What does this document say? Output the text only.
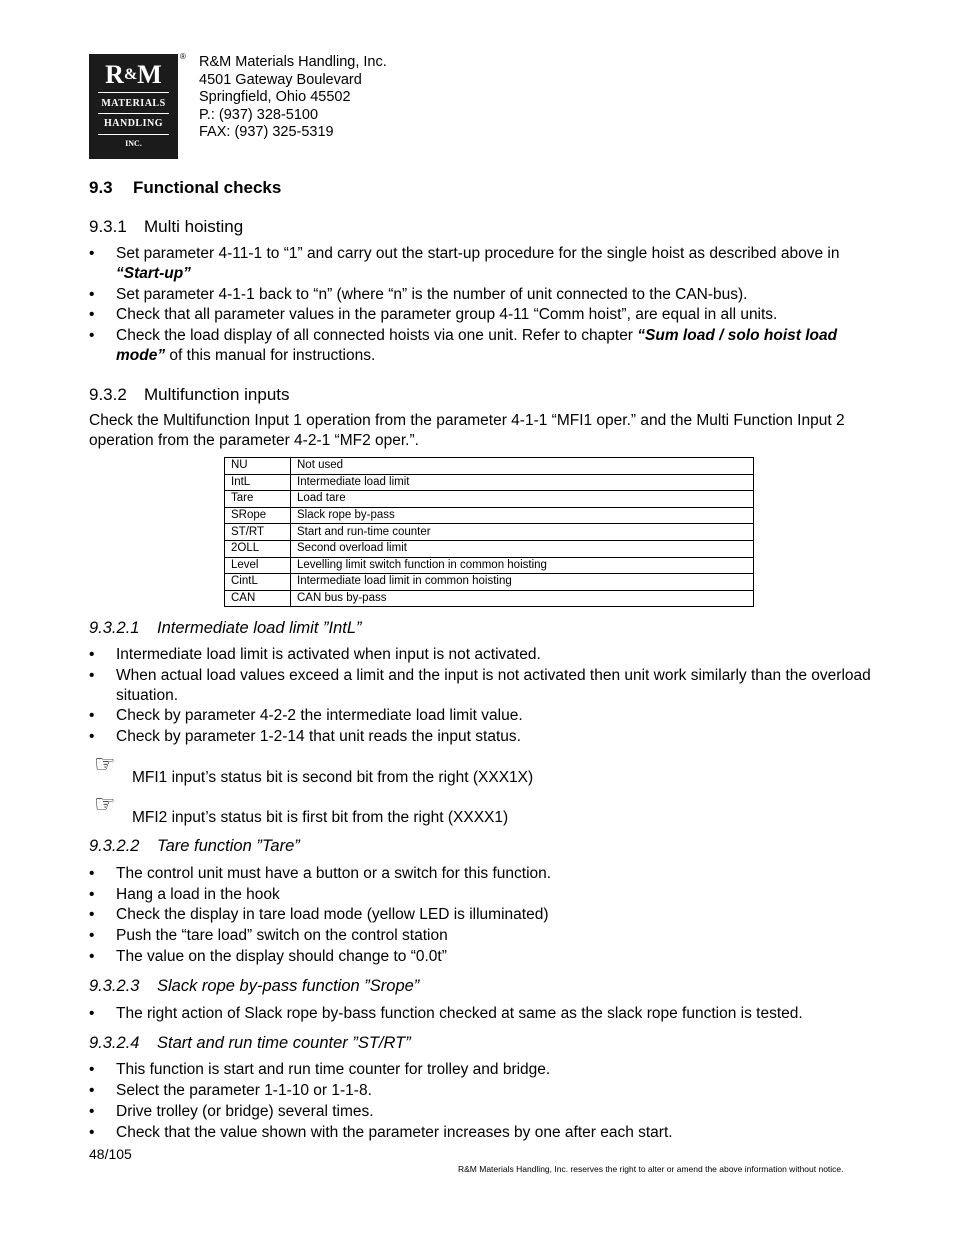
R&M
MATERIALS
HANDLING
INC.
® R&M Materials Handling, Inc.
4501 Gateway Boulevard
Springfield, Ohio 45502
P.: (937) 328-5100
FAX: (937) 325-5319
9.3 Functional checks
9.3.1 Multi hoisting
• Set parameter 4-11-1 to “1” and carry out the start-up procedure for the single hoist as described above in “Start-up”
• Set parameter 4-1-1 back to “n” (where “n” is the number of unit connected to the CAN-bus).
• Check that all parameter values in the parameter group 4-11 “Comm hoist”, are equal in all units.
• Check the load display of all connected hoists via one unit. Refer to chapter “Sum load / solo hoist load mode” of this manual for instructions.
9.3.2 Multifunction inputs
Check the Multifunction Input 1 operation from the parameter 4-1-1 “MFI1 oper.” and the Multi Function Input 2 operation from the parameter 4-2-1 “MF2 oper.”.
NU	Not used
IntL	Intermediate load limit
Tare	Load tare
SRope	Slack rope by-pass
ST/RT	Start and run-time counter
2OLL	Second overload limit
Level	Levelling limit switch function in common hoisting
CintL	Intermediate load limit in common hoisting
CAN	CAN bus by-pass
9.3.2.1 Intermediate load limit ”IntL”
• Intermediate load limit is activated when input is not activated.
• When actual load values exceed a limit and the input is not activated then unit work similarly than the overload situation.
• Check by parameter 4-2-2 the intermediate load limit value.
• Check by parameter 1-2-14 that unit reads the input status.
☞ MFI1 input’s status bit is second bit from the right (XXX1X)
☞ MFI2 input’s status bit is first bit from the right (XXXX1)
9.3.2.2 Tare function ”Tare”
• The control unit must have a button or a switch for this function.
• Hang a load in the hook
• Check the display in tare load mode (yellow LED is illuminated)
• Push the “tare load” switch on the control station
• The value on the display should change to “0.0t”
9.3.2.3 Slack rope by-pass function ”Srope”
• The right action of Slack rope by-bass function checked at same as the slack rope function is tested.
9.3.2.4 Start and run time counter ”ST/RT”
• This function is start and run time counter for trolley and bridge.
• Select the parameter 1-1-10 or 1-1-8.
• Drive trolley (or bridge) several times.
• Check that the value shown with the parameter increases by one after each start.
48/105
R&M Materials Handling, Inc. reserves the right to alter or amend the above information without notice.
